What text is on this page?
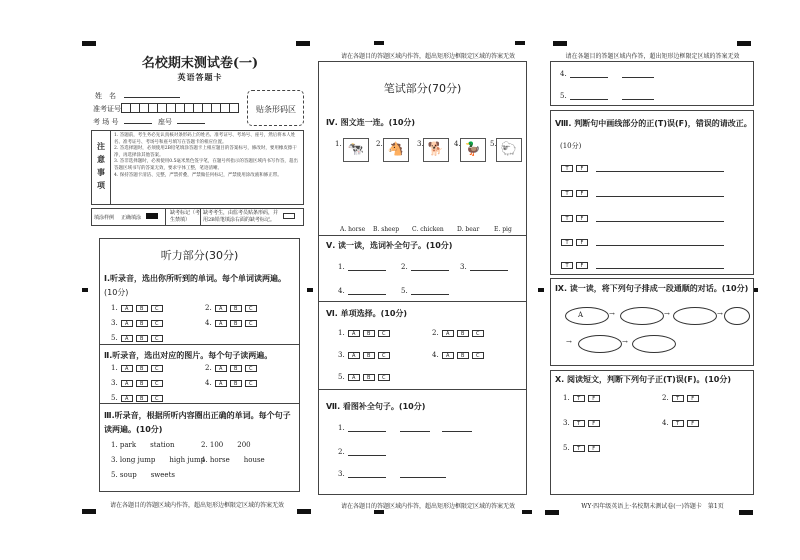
名校期末测试卷(一)
英语答题卡
姓　名
准考证号
考 场 号	座号
贴条形码区
注意事项
1. 答题前，考生务必先认真核对条形码上的姓名、准考证号、考场号、座号，然后将本人姓名、准考证号、考场号和座号填写在答题卡的相应位置。
2. 答选择题时，必须使用2B铅笔填涂答题卡上相应题目的答案标号，修改时，要用橡皮擦干净，再选择涂其他答案。
3. 答非选择题时，必须使用0.5毫米黑色签字笔，在题号所指示的答题区域内书写作答，超出答题区域书写的答案无效，要求字体工整，笔迹清晰。
4. 保持答题卡清洁、完整，严禁折叠，严禁做任何标记，严禁使用涂改液和修正带。
填涂样例 正确填涂
缺考标记（考生禁填）
缺考考生，由监考员贴条形码，并用2B铅笔填涂右面的缺考标记。
听力部分(30分)
Ⅰ.听录音，选出你所听到的单词。每个单词读两遍。
(10分)
1. A B C	2. A B C
3. A B C	4. A B C
5. A B C
Ⅱ.听录音，选出对应的图片。每个句子读两遍。
1. A B C	2. A B C
3. A B C	4. A B C
5. A B C
Ⅲ.听录音，根据所听内容圈出正确的单词。每个句子读两遍。(10分)
1. park　　 station	2. 100　　 200
3. long jump　　 high jump
4. horse　　 house
5. soup　　 sweets
请在各题目的答题区域内作答，超出矩形边框限定区域的答案无效
请在各题目的答题区域内作答，超出矩形边框限定区域的答案无效
笔试部分(70分)
Ⅳ. 图文连一连。(10分)
1. 🐄	2. 🐴	3. 🐕	4. 🦆	5. 🐑
A. horse B. sheep C. chicken D. bear E. pig
Ⅴ. 读一读，选词补全句子。(10分)
1.	2.	3.
4.	5.
Ⅵ. 单项选择。(10分)
1. A B C	2. A B C
3. A B C	4. A B C
5. A B C
Ⅶ. 看图补全句子。(10分)
1.
2.
3.
请在各题目的答题区域内作答，超出矩形边框限定区域的答案无效
请在各题目的答题区域内作答，超出矩形边框限定区域的答案无效
4.
5.
Ⅷ. 判断句中画线部分的正(T)误(F)，错误的请改正。
(10分)
T F
T F
T F
T F
T F
Ⅸ. 读一读，将下列句子排成一段通顺的对话。(10分)
A	→	→	→
→	→
Ⅹ. 阅读短文，判断下列句子正(T)误(F)。(10分)
1. T F	2. T F
3. T F	4. T F
5. T F
WY·四年级英语上·名校期末测试卷(一)答题卡　第1页
